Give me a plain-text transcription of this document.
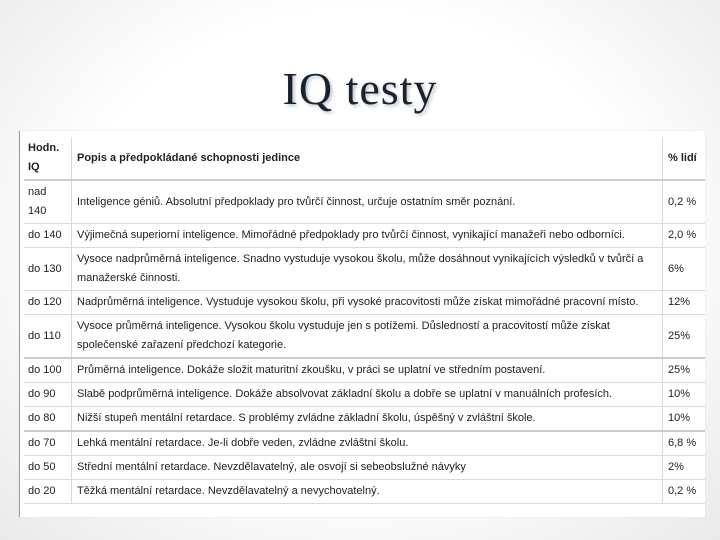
IQ testy
Hodn. IQ	Popis a předpokládané schopnosti jedince	% lidí
nad 140	Inteligence géniů. Absolutní předpoklady pro tvůrčí činnost, určuje ostatním směr poznání.	0,2 %
do 140	Výjimečná superiorní inteligence. Mimořádné předpoklady pro tvůrčí činnost, vynikající manažeři nebo odborníci.	2,0 %
do 130	Vysoce nadprůměrná inteligence. Snadno vystuduje vysokou školu, může dosáhnout vynikajících výsledků v tvůrčí a manažerské činnosti.	6%
do 120	Nadprůměrná inteligence. Vystuduje vysokou školu, při vysoké pracovitosti může získat mimořádné pracovní místo.	12%
do 110	Vysoce průměrná inteligence. Vysokou školu vystuduje jen s potížemi. Důsledností a pracovitostí může získat společenské zařazení předchozí kategorie.	25%
do 100	Průměrná inteligence. Dokáže složit maturitní zkoušku, v práci se uplatní ve středním postavení.	25%
do 90	Slabě podprůměrná inteligence. Dokáže absolvovat základní školu a dobře se uplatní v manuálních profesích.	10%
do 80	Nižší stupeň mentální retardace. S problémy zvládne základní školu, úspěšný v zvláštní škole.	10%
do 70	Lehká mentální retardace. Je-li dobře veden, zvládne zvláštní školu.	6,8 %
do 50	Střední mentální retardace. Nevzdělavatelný, ale osvojí si sebeobslužné návyky	2%
do 20	Těžká mentální retardace. Nevzdělavatelný a nevychovatelný.	0,2 %
